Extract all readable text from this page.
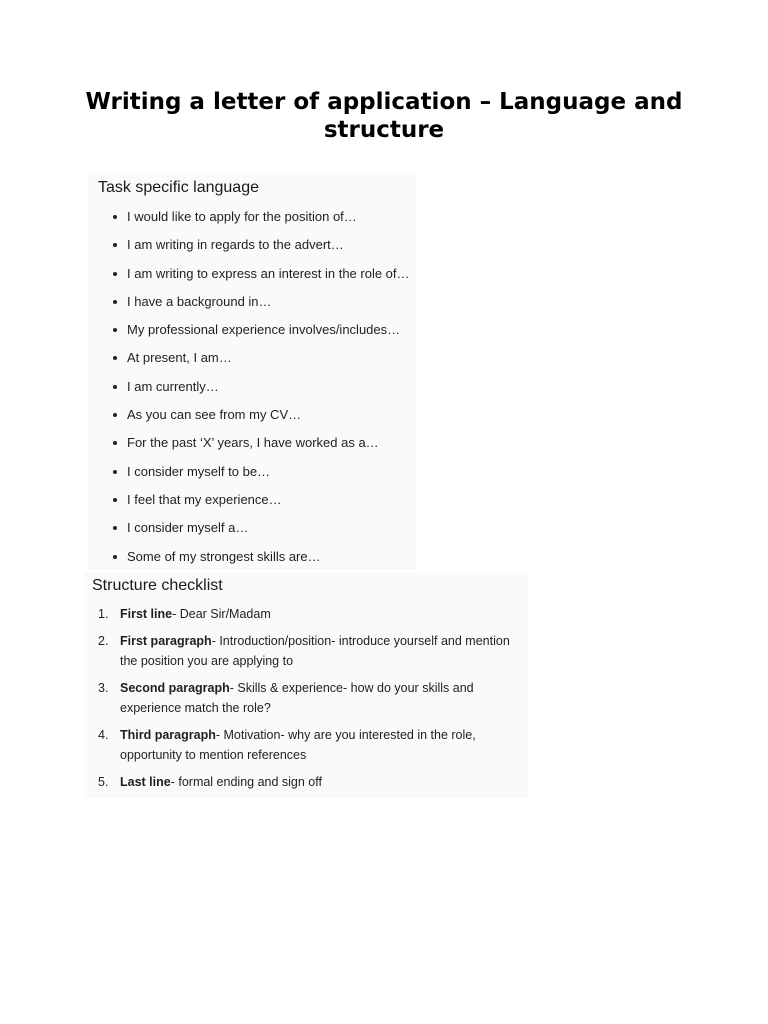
Writing a letter of application – Language and structure
Task specific language
I would like to apply for the position of…
I am writing in regards to the advert…
I am writing to express an interest in the role of…
I have a background in…
My professional experience involves/includes…
At present, I am…
I am currently…
As you can see from my CV…
For the past ‘X’ years, I have worked as a…
I consider myself to be…
I feel that my experience…
I consider myself a…
Some of my strongest skills are…
Structure checklist
1. First line- Dear Sir/Madam
2. First paragraph- Introduction/position- introduce yourself and mention the position you are applying to
3. Second paragraph- Skills & experience- how do your skills and experience match the role?
4. Third paragraph- Motivation- why are you interested in the role, opportunity to mention references
5. Last line- formal ending and sign off
